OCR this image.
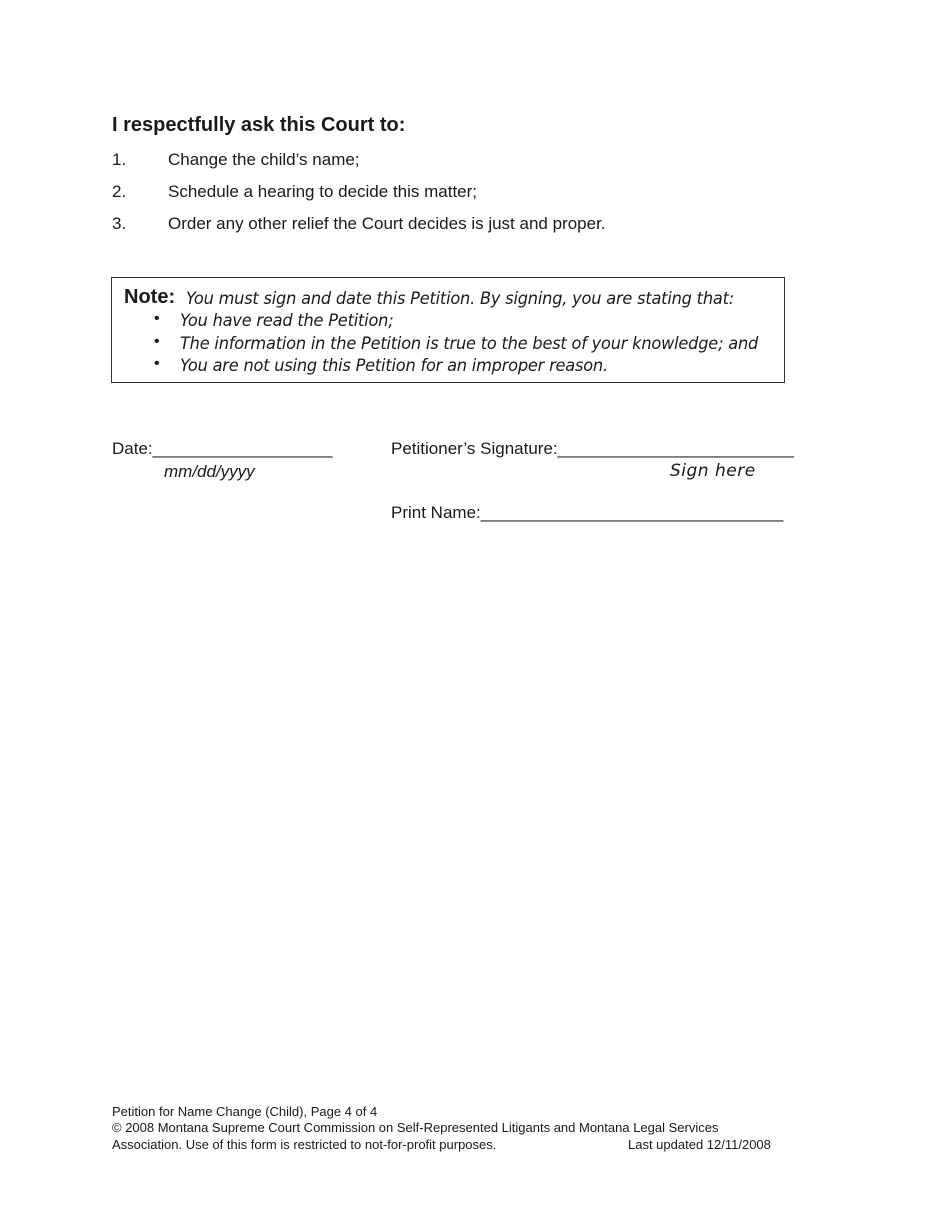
I respectfully ask this Court to:
1. Change the child’s name;
2. Schedule a hearing to decide this matter;
3. Order any other relief the Court decides is just and proper.
Note: You must sign and date this Petition. By signing, you are stating that:
• You have read the Petition;
• The information in the Petition is true to the best of your knowledge; and
• You are not using this Petition for an improper reason.
Date:___________________
mm/dd/yyyy
Petitioner’s Signature:_________________________
Sign here
Print Name:________________________________
Petition for Name Change (Child), Page 4 of 4
© 2008 Montana Supreme Court Commission on Self-Represented Litigants and Montana Legal Services
Association. Use of this form is restricted to not-for-profit purposes.	Last updated 12/11/2008
